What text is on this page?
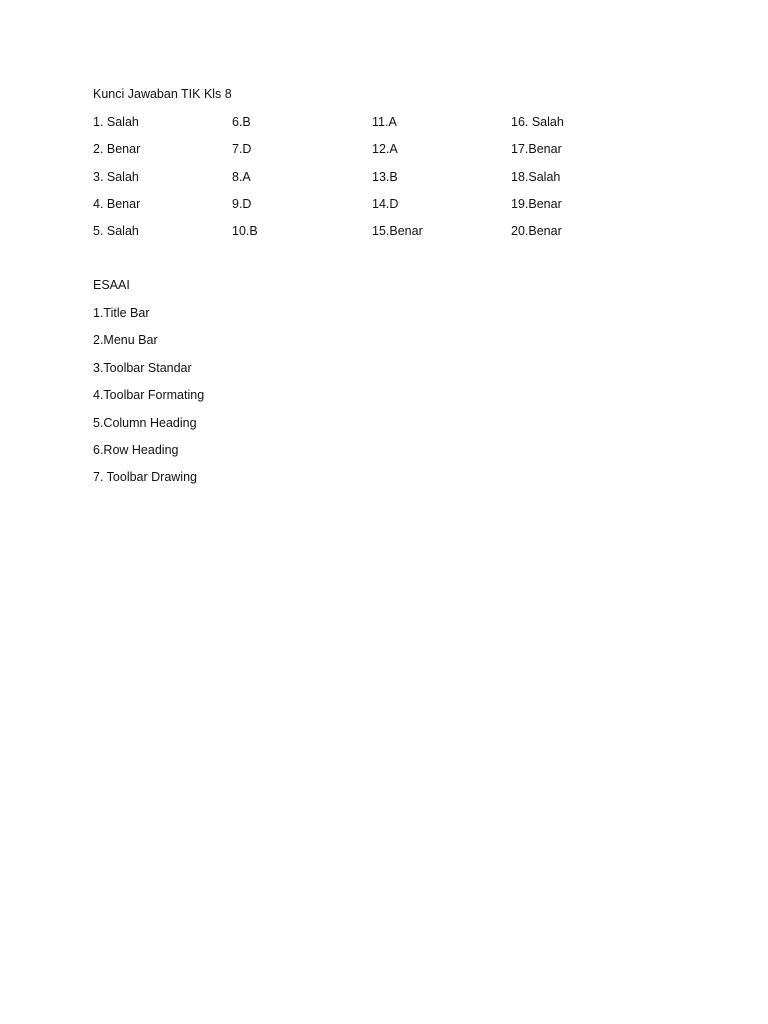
Kunci Jawaban TIK Kls 8
1. Salah	6.B	11.A	16. Salah
2. Benar	7.D	12.A	17.Benar
3. Salah	8.A	13.B	18.Salah
4. Benar	9.D	14.D	19.Benar
5. Salah	10.B	15.Benar	20.Benar
ESAAI
1.Title Bar
2.Menu Bar
3.Toolbar Standar
4.Toolbar Formating
5.Column Heading
6.Row Heading
7. Toolbar Drawing
